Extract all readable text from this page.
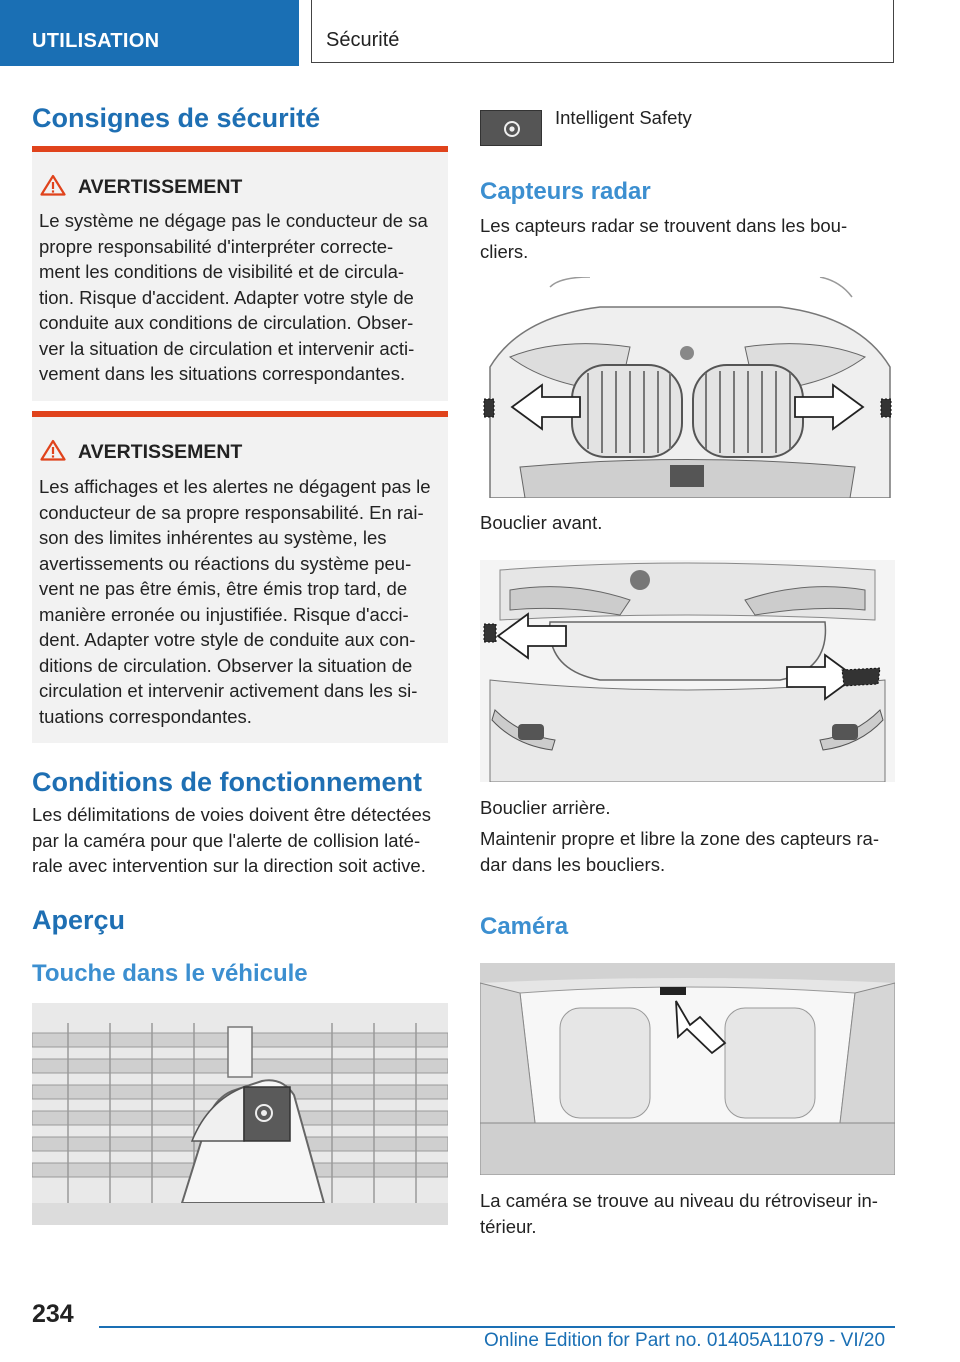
UTILISATION	Sécurité
Consignes de sécurité
AVERTISSEMENT
Le système ne dégage pas le conducteur de sa
propre responsabilité d'interpréter correcte-
ment les conditions de visibilité et de circula-
tion. Risque d'accident. Adapter votre style de
conduite aux conditions de circulation. Obser-
ver la situation de circulation et intervenir acti-
vement dans les situations correspondantes.
AVERTISSEMENT
Les affichages et les alertes ne dégagent pas le
conducteur de sa propre responsabilité. En rai-
son des limites inhérentes au système, les
avertissements ou réactions du système peu-
vent ne pas être émis, être émis trop tard, de
manière erronée ou injustifiée. Risque d'acci-
dent. Adapter votre style de conduite aux con-
ditions de circulation. Observer la situation de
circulation et intervenir activement dans les si-
tuations correspondantes.
Conditions de fonctionnement
Les délimitations de voies doivent être détectées
par la caméra pour que l'alerte de collision laté-
rale avec intervention sur la direction soit active.
Aperçu
Touche dans le véhicule
Intelligent Safety
Capteurs radar
Les capteurs radar se trouvent dans les bou-
cliers.
Bouclier avant.
Bouclier arrière.
Maintenir propre et libre la zone des capteurs ra-
dar dans les boucliers.
Caméra
La caméra se trouve au niveau du rétroviseur in-
térieur.
234
Online Edition for Part no. 01405A11079 - VI/20
